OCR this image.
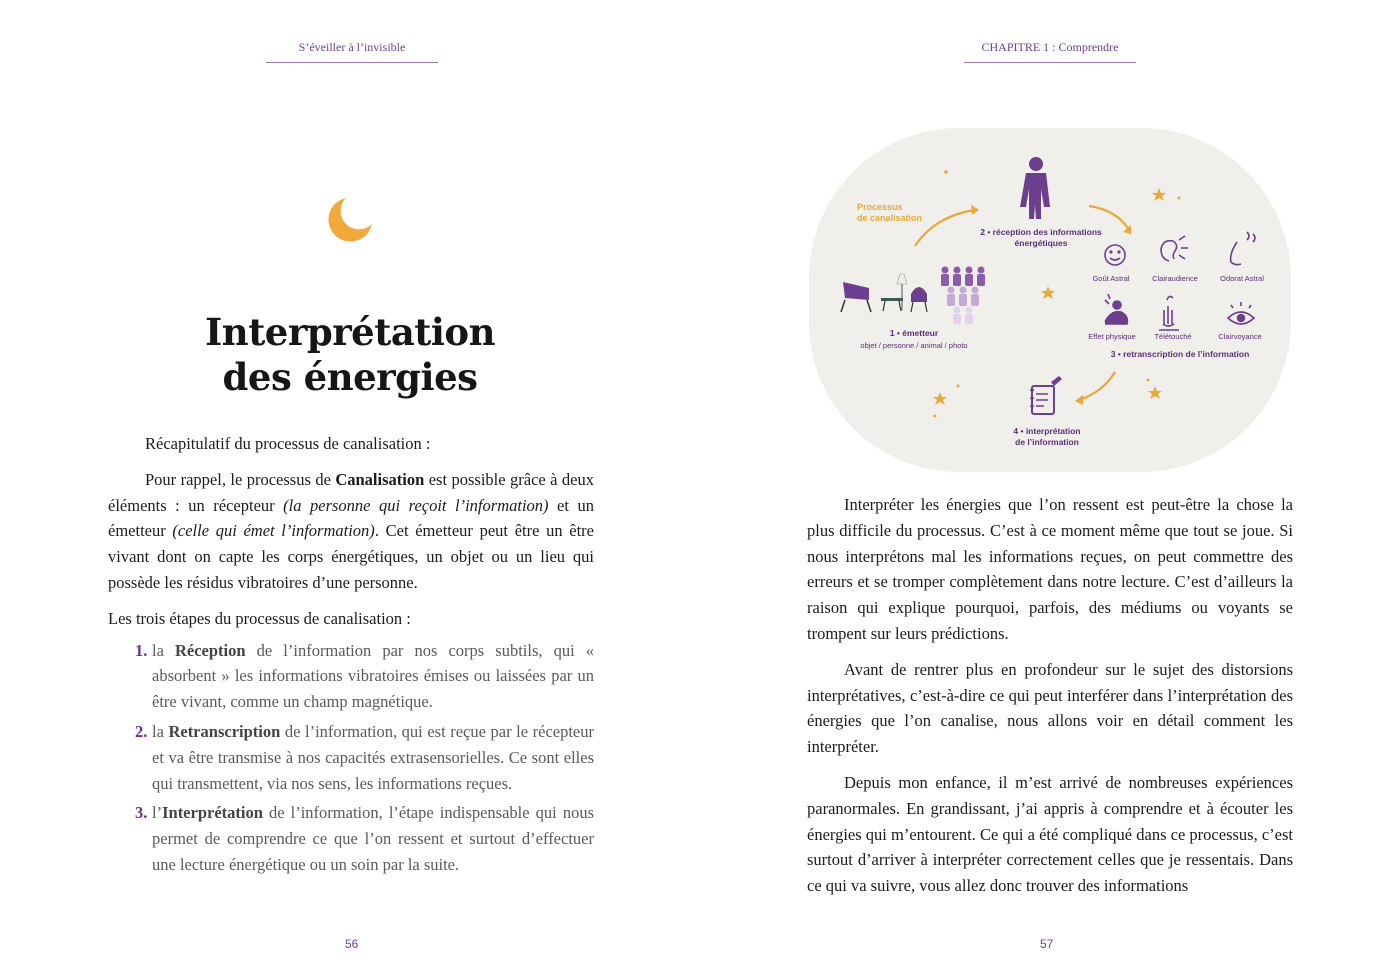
S’éveiller à l’invisible
Interprétation
des énergies

Récapitulatif du processus de canalisation :

Pour rappel, le processus de Canalisation est possible grâce à deux éléments : un récepteur (la personne qui reçoit l’information) et un émetteur (celle qui émet l’information). Cet émetteur peut être un être vivant dont on capte les corps énergétiques, un objet ou un lieu qui possède les résidus vibratoires d’une personne.

Les trois étapes du processus de canalisation :

1. la Réception de l’information par nos corps subtils, qui « absorbent » les informations vibratoires émises ou laissées par un être vivant, comme un champ magnétique.
2. la Retranscription de l’information, qui est reçue par le récepteur et va être transmise à nos capacités extrasensorielles. Ce sont elles qui transmettent, via nos sens, les informations reçues.
3. l’Interprétation de l’information, l’étape indispensable qui nous permet de comprendre ce que l’on ressent et surtout d’effectuer une lecture énergétique ou un soin par la suite.
56
CHAPITRE 1 : Comprendre
Processus
de canalisation
2 • réception des informations
énergétiques
1 • émetteur
objet / personne / animal / photo
Goût Astral	Clairaudience	Odorat Astral
Effet physique Télétouché	Clairvoyance
3 • retranscription de l’information
4 • interprétation
de l’information

Interpréter les énergies que l’on ressent est peut-être la chose la plus difficile du processus. C’est à ce moment même que tout se joue. Si nous interprétons mal les informations reçues, on peut commettre des erreurs et se tromper complètement dans notre lecture. C’est d’ailleurs la raison qui explique pourquoi, parfois, des médiums ou voyants se trompent sur leurs prédictions.

Avant de rentrer plus en profondeur sur le sujet des distorsions interprétatives, c’est-à-dire ce qui peut interférer dans l’interprétation des énergies que l’on canalise, nous allons voir en détail comment les interpréter.

Depuis mon enfance, il m’est arrivé de nombreuses expériences paranormales. En grandissant, j’ai appris à comprendre et à écouter les énergies qui m’entourent. Ce qui a été compliqué dans ce processus, c’est surtout d’arriver à interpréter correctement celles que je ressentais. Dans ce qui va suivre, vous allez donc trouver des informations

57
